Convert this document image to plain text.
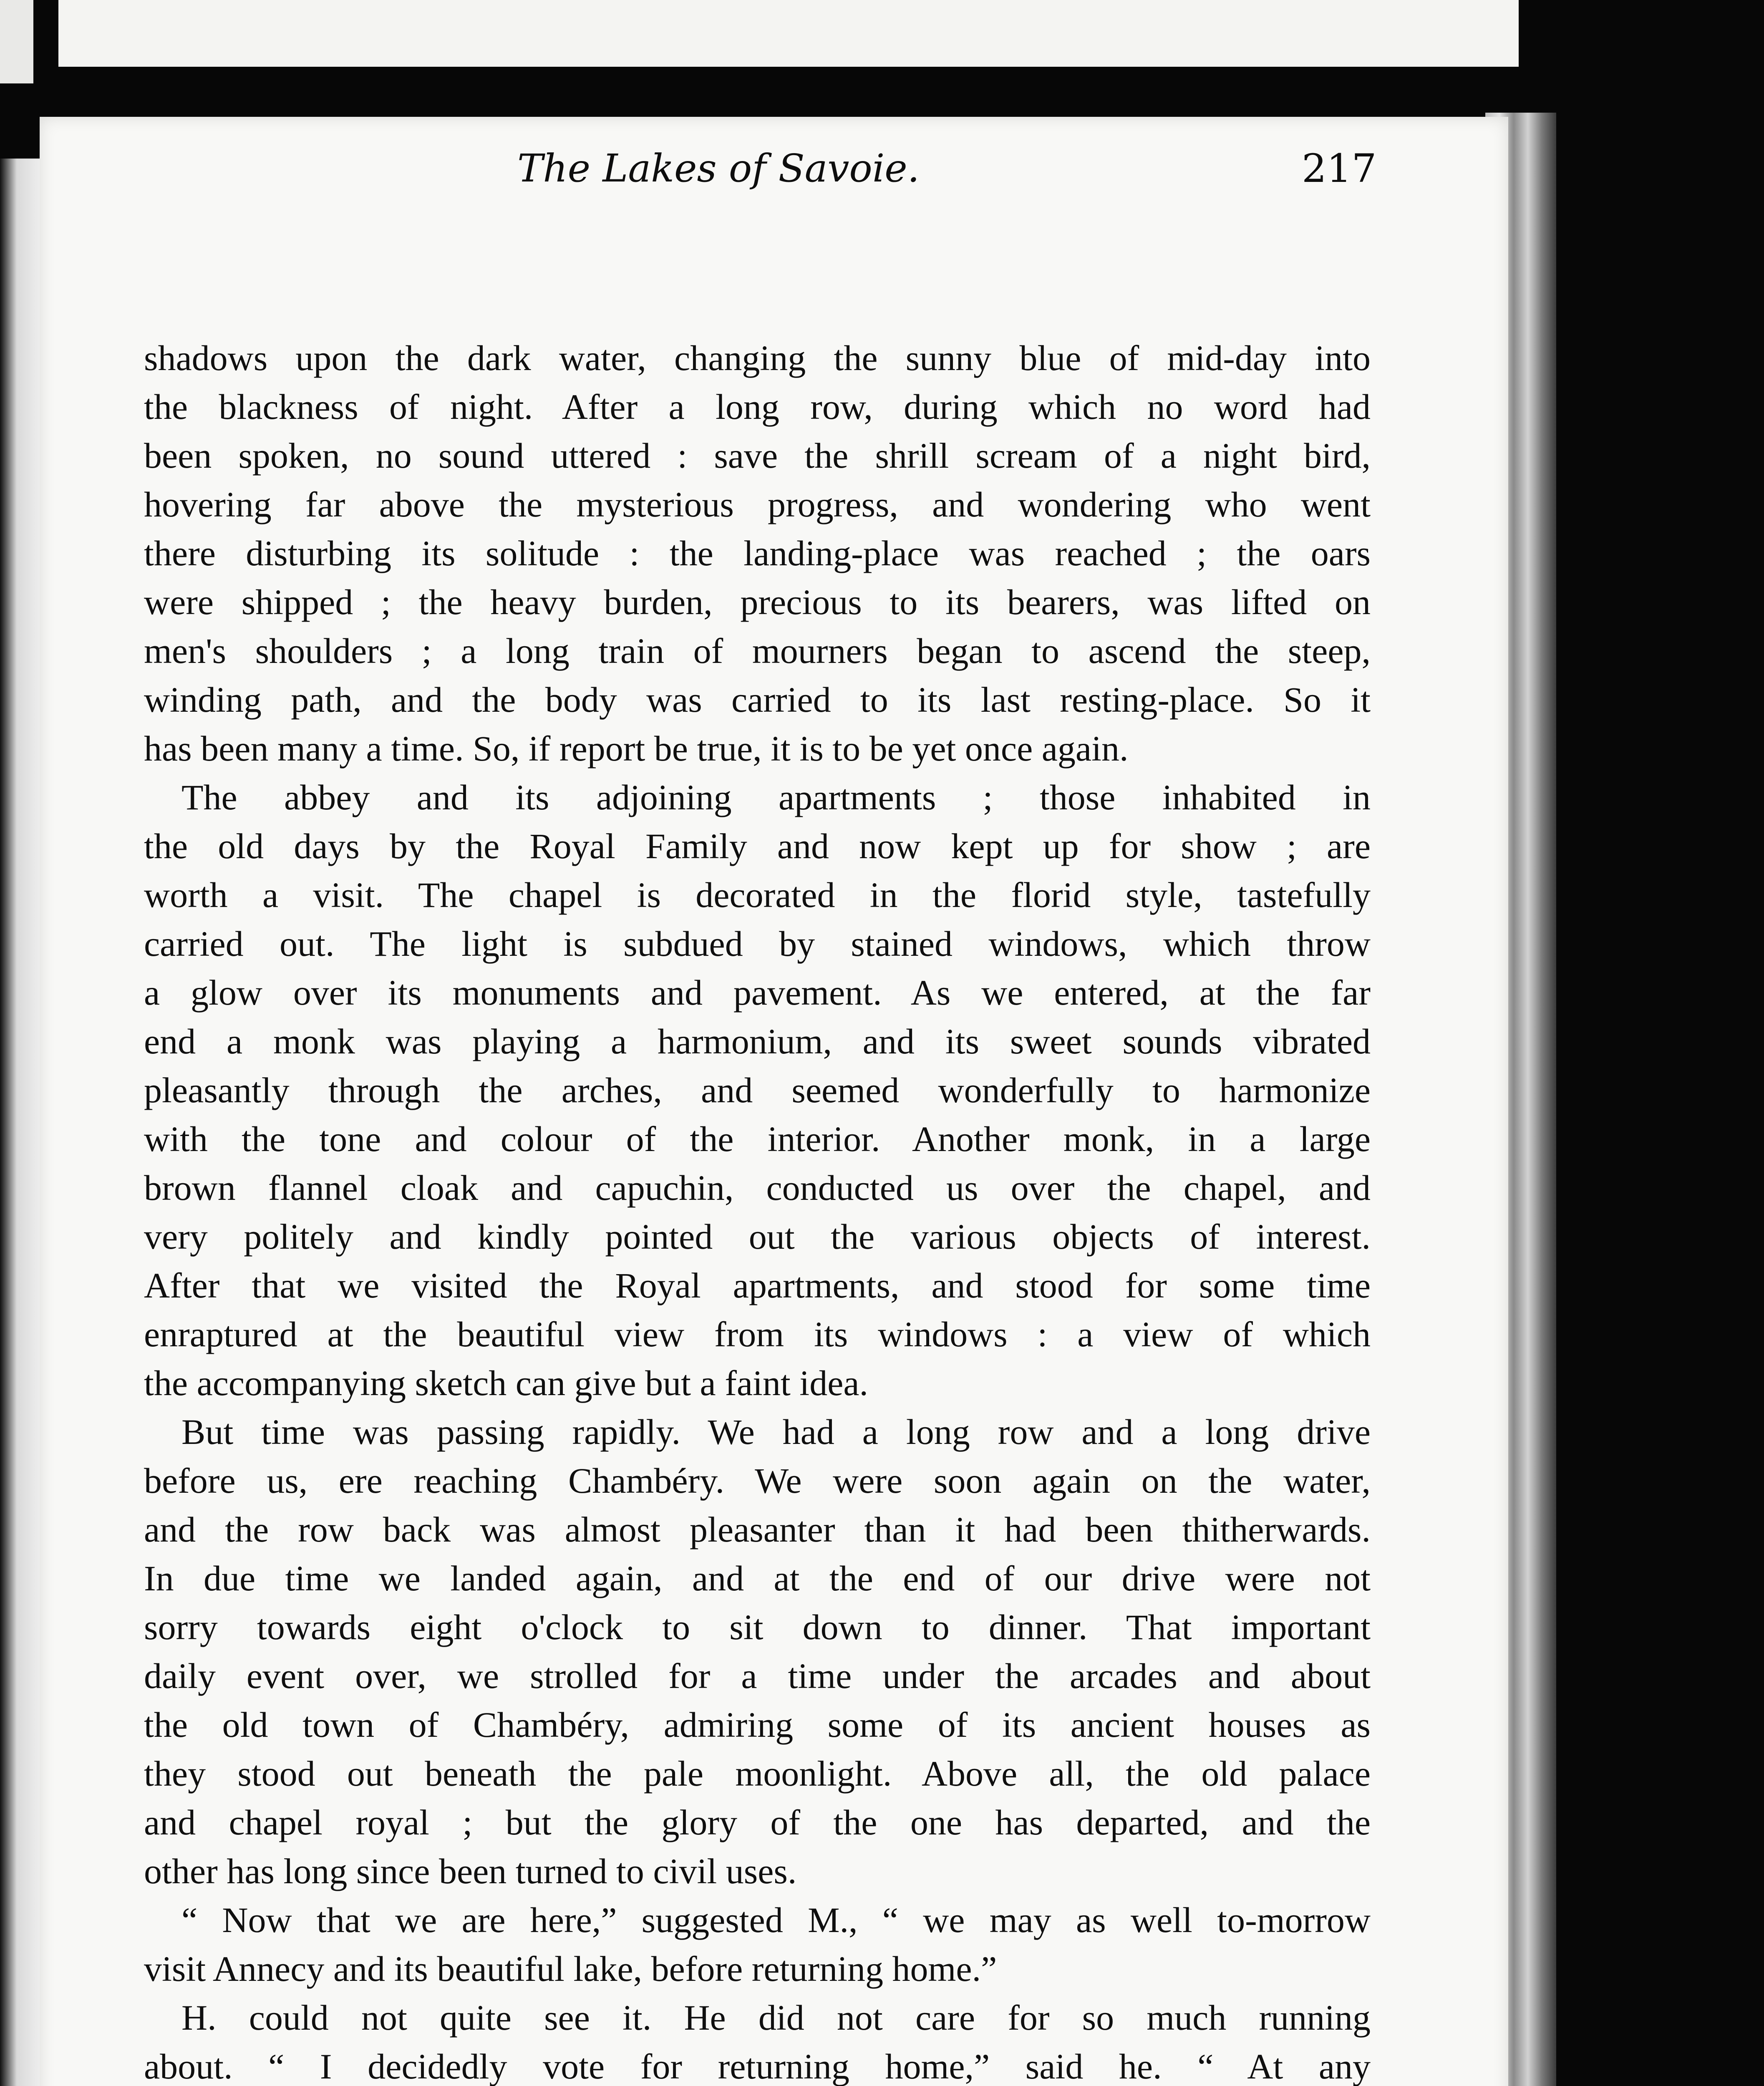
The Lakes of Savoie.	217
shadows upon the dark water, changing the sunny blue of mid-day into
the blackness of night. After a long row, during which no word had
been spoken, no sound uttered : save the shrill scream of a night bird,
hovering far above the mysterious progress, and wondering who went
there disturbing its solitude : the landing-place was reached ; the oars
were shipped ; the heavy burden, precious to its bearers, was lifted on
men's shoulders ; a long train of mourners began to ascend the steep,
winding path, and the body was carried to its last resting-place. So it
has been many a time. So, if report be true, it is to be yet once again.
The abbey and its adjoining apartments ; those inhabited in
the old days by the Royal Family and now kept up for show ; are
worth a visit. The chapel is decorated in the florid style, tastefully
carried out. The light is subdued by stained windows, which throw
a glow over its monuments and pavement. As we entered, at the far
end a monk was playing a harmonium, and its sweet sounds vibrated
pleasantly through the arches, and seemed wonderfully to harmonize
with the tone and colour of the interior. Another monk, in a large
brown flannel cloak and capuchin, conducted us over the chapel, and
very politely and kindly pointed out the various objects of interest.
After that we visited the Royal apartments, and stood for some time
enraptured at the beautiful view from its windows : a view of which
the accompanying sketch can give but a faint idea.
But time was passing rapidly. We had a long row and a long drive
before us, ere reaching Chambéry. We were soon again on the water,
and the row back was almost pleasanter than it had been thitherwards.
In due time we landed again, and at the end of our drive were not
sorry towards eight o'clock to sit down to dinner. That important
daily event over, we strolled for a time under the arcades and about
the old town of Chambéry, admiring some of its ancient houses as
they stood out beneath the pale moonlight. Above all, the old palace
and chapel royal ; but the glory of the one has departed, and the
other has long since been turned to civil uses.
“ Now that we are here,” suggested M., “ we may as well to-morrow
visit Annecy and its beautiful lake, before returning home.”
H. could not quite see it. He did not care for so much running
about. “ I decidedly vote for returning home,” said he. “ At any
